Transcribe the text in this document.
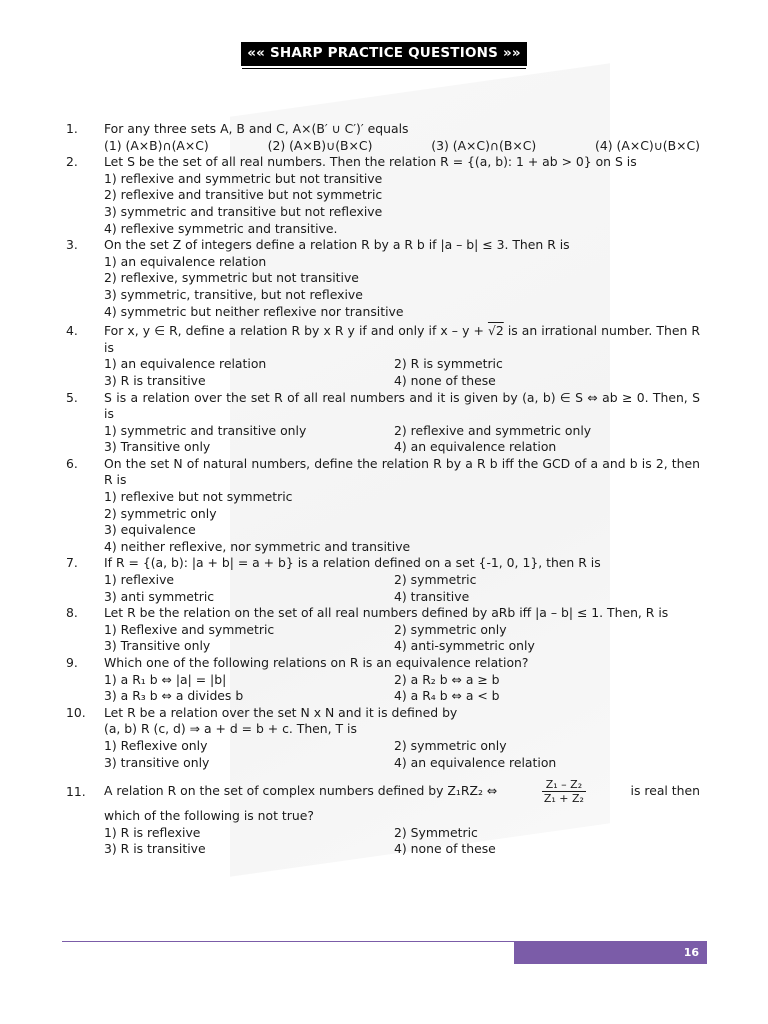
«« SHARP PRACTICE QUESTIONS »»
1.	For any three sets A, B and C, A×(B′ ∪ C′)′ equals
(1) (A×B)∩(A×C)	(2) (A×B)∪(B×C)	(3) (A×C)∩(B×C)	(4) (A×C)∪(B×C)
2.	Let S be the set of all real numbers. Then the relation R = {(a, b): 1 + ab > 0} on S is
1) reflexive and symmetric but not transitive
2) reflexive and transitive but not symmetric
3) symmetric and transitive but not reflexive
4) reflexive symmetric and transitive.
3.	On the set Z of integers define a relation R by a R b if |a – b| ≤ 3. Then R is
1) an equivalence relation
2) reflexive, symmetric but not transitive
3) symmetric, transitive, but not reflexive
4) symmetric but neither reflexive nor transitive
4.	For x, y ∈ R, define a relation R by x R y if and only if x – y + √2 is an irrational number. Then R is
1) an equivalence relation	2) R is symmetric
3) R is transitive	4) none of these
5.	S is a relation over the set R of all real numbers and it is given by (a, b) ∈ S ⇔ ab ≥ 0. Then, S is
1) symmetric and transitive only	2) reflexive and symmetric only
3) Transitive only	4) an equivalence relation
6.	On the set N of natural numbers, define the relation R by a R b iff the GCD of a and b is 2, then R is
1) reflexive but not symmetric
2) symmetric only
3) equivalence
4) neither reflexive, nor symmetric and transitive
7.	If R = {(a, b): |a + b| = a + b} is a relation defined on a set {-1, 0, 1}, then R is
1) reflexive	2) symmetric
3) anti symmetric	4) transitive
8.	Let R be the relation on the set of all real numbers defined by aRb iff |a – b| ≤ 1. Then, R is
1) Reflexive and symmetric	2) symmetric only
3) Transitive only	4) anti-symmetric only
9.	Which one of the following relations on R is an equivalence relation?
1) a R₁ b ⇔ |a| = |b|	2) a R₂ b ⇔ a ≥ b
3) a R₃ b ⇔ a divides b	4) a R₄ b ⇔ a < b
10.	Let R be a relation over the set N x N and it is defined by
(a, b) R (c, d) ⇒ a + d = b + c. Then, T is
1) Reflexive only	2) symmetric only
3) transitive only	4) an equivalence relation
11.	A relation R on the set of complex numbers defined by Z₁RZ₂ ⇔	$\frac{\text{Z₁ – Z₂}}{\text{Z₁ + Z₂}}$	is real then
which of the following is not true?
1) R is reflexive	2) Symmetric
3) R is transitive	4) none of these
16
